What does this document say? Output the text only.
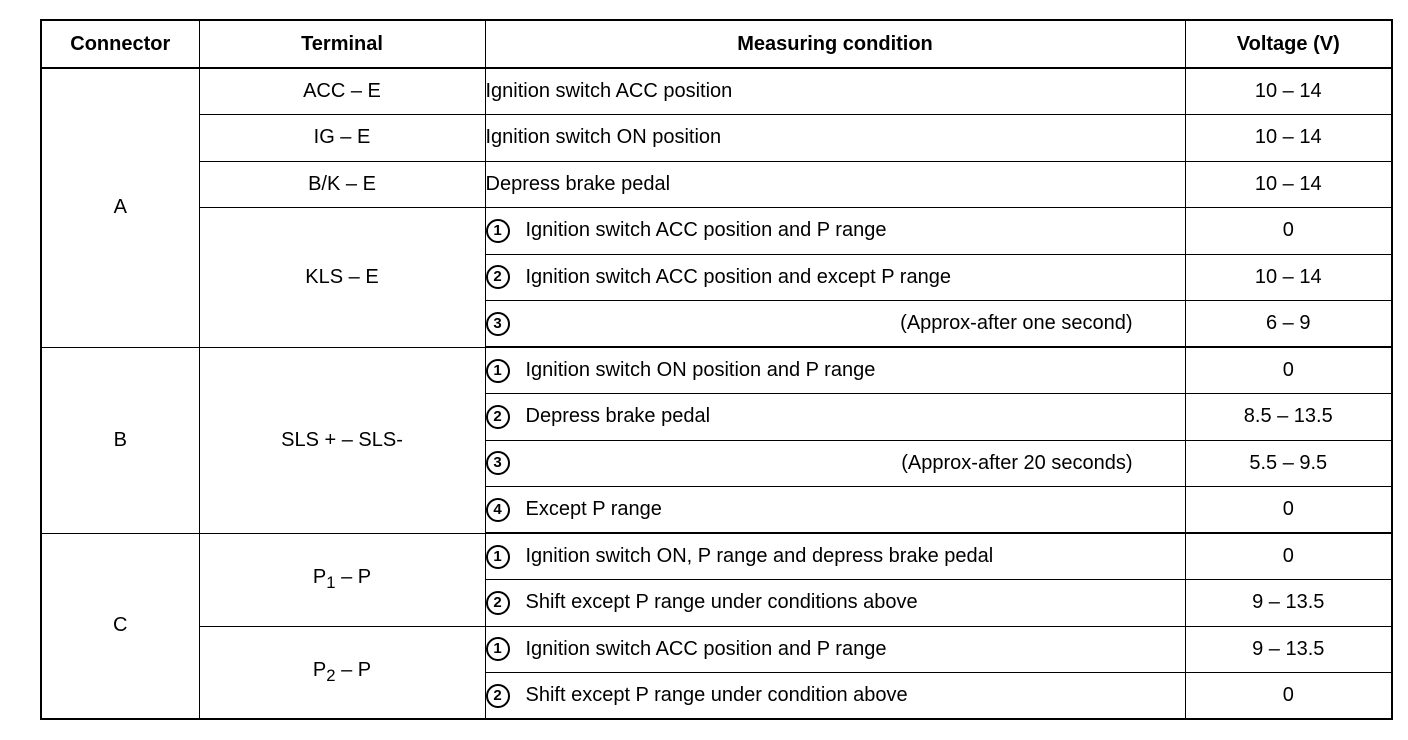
Connector	Terminal	Measuring condition	Voltage (V)
A	ACC – E	Ignition switch ACC position	10 – 14
	IG – E	Ignition switch ON position	10 – 14
	B/K – E	Depress brake pedal	10 – 14
	KLS – E	1 Ignition switch ACC position and P range	0

		2 Ignition switch ACC position and except P range	10 – 14

		3 (Approx-after one second)	6 – 9
B	SLS + – SLS-	1 Ignition switch ON position and P range	0

		2 Depress brake pedal	8.5 – 13.5

		3 (Approx-after 20 seconds)	5.5 – 9.5

		4 Except P range	0
C	$P_1$ – P	1 Ignition switch ON, P range and depress brake pedal	0

		2 Shift except P range under conditions above	9 – 13.5
	$P_2$ – P	1 Ignition switch ACC position and P range	9 – 13.5

		2 Shift except P range under condition above	0
